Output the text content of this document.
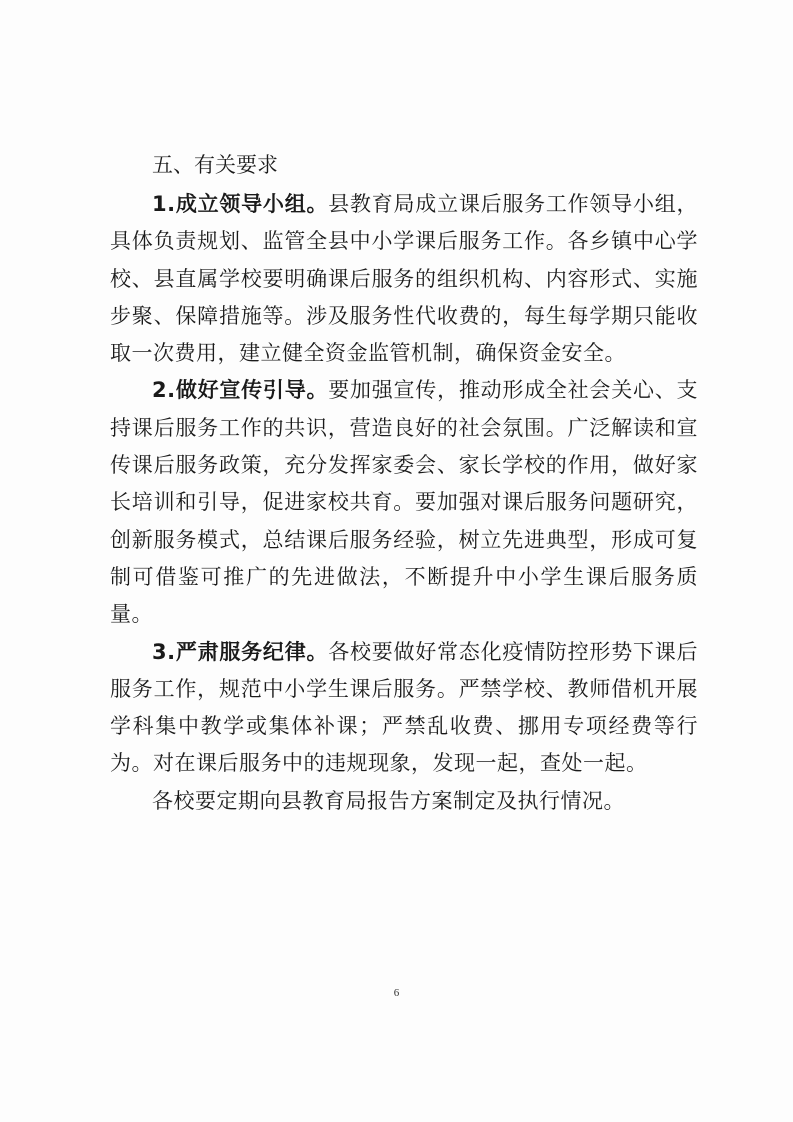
五、有关要求

1.成立领导小组。县教育局成立课后服务工作领导小组，具体负责规划、监管全县中小学课后服务工作。各乡镇中心学校、县直属学校要明确课后服务的组织机构、内容形式、实施步聚、保障措施等。涉及服务性代收费的，每生每学期只能收取一次费用，建立健全资金监管机制，确保资金安全。

2.做好宣传引导。要加强宣传，推动形成全社会关心、支持课后服务工作的共识，营造良好的社会氛围。广泛解读和宣传课后服务政策，充分发挥家委会、家长学校的作用，做好家长培训和引导，促进家校共育。要加强对课后服务问题研究，创新服务模式，总结课后服务经验，树立先进典型，形成可复制可借鉴可推广的先进做法，不断提升中小学生课后服务质量。

3.严肃服务纪律。各校要做好常态化疫情防控形势下课后服务工作，规范中小学生课后服务。严禁学校、教师借机开展学科集中教学或集体补课；严禁乱收费、挪用专项经费等行为。对在课后服务中的违规现象，发现一起，查处一起。

各校要定期向县教育局报告方案制定及执行情况。

6
